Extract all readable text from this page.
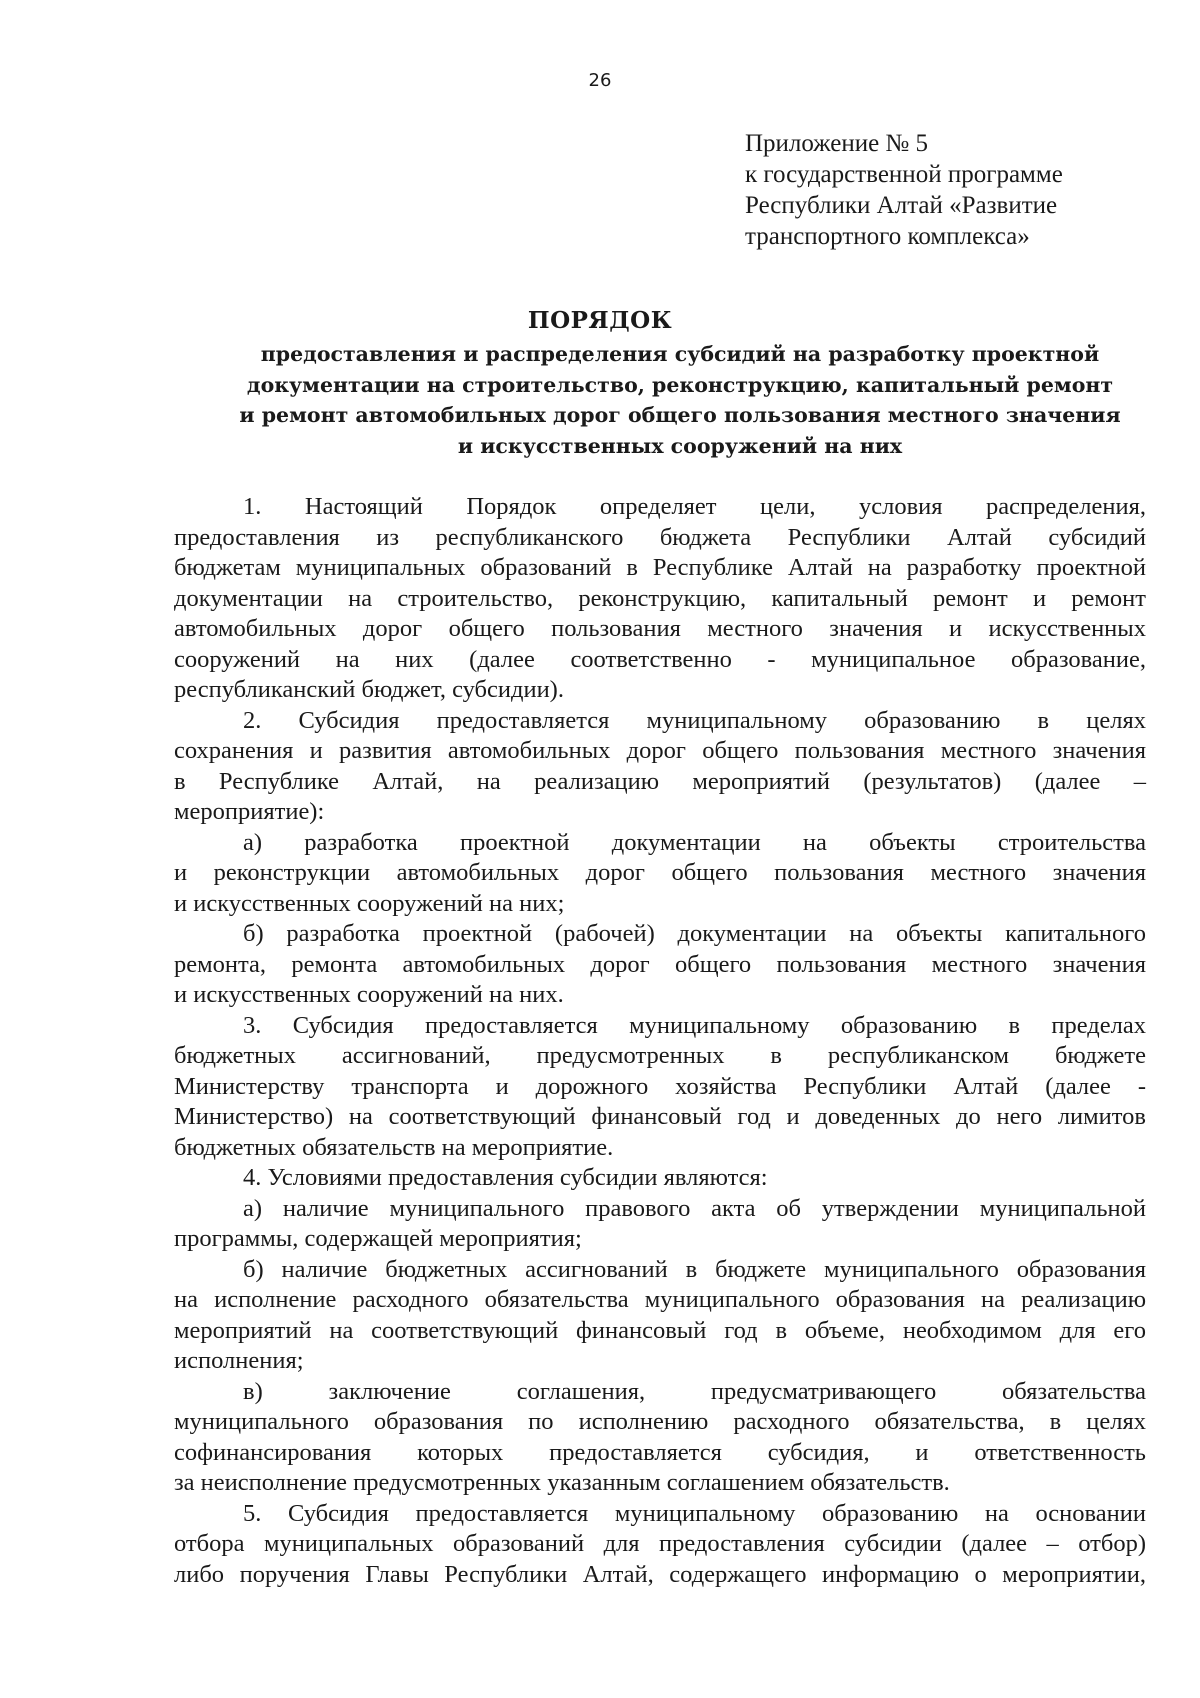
26
Приложение № 5
к государственной программе
Республики Алтай «Развитие
транспортного комплекса»
ПОРЯДОК
предоставления и распределения субсидий на разработку проектной
документации на строительство, реконструкцию, капитальный ремонт
и ремонт автомобильных дорог общего пользования местного значения
и искусственных сооружений на них
1. Настоящий Порядок определяет цели, условия распределения,
предоставления из республиканского бюджета Республики Алтай субсидий
бюджетам муниципальных образований в Республике Алтай на разработку проектной
документации на строительство, реконструкцию, капитальный ремонт и ремонт
автомобильных дорог общего пользования местного значения и искусственных
сооружений на них (далее соответственно - муниципальное образование,
республиканский бюджет, субсидии).
2. Субсидия предоставляется муниципальному образованию в целях
сохранения и развития автомобильных дорог общего пользования местного значения
в Республике Алтай, на реализацию мероприятий (результатов) (далее –
мероприятие):
а) разработка проектной документации на объекты строительства
и реконструкции автомобильных дорог общего пользования местного значения
и искусственных сооружений на них;
б) разработка проектной (рабочей) документации на объекты капитального
ремонта, ремонта автомобильных дорог общего пользования местного значения
и искусственных сооружений на них.
3. Субсидия предоставляется муниципальному образованию в пределах
бюджетных ассигнований, предусмотренных в республиканском бюджете
Министерству транспорта и дорожного хозяйства Республики Алтай (далее -
Министерство) на соответствующий финансовый год и доведенных до него лимитов
бюджетных обязательств на мероприятие.
4. Условиями предоставления субсидии являются:
а) наличие муниципального правового акта об утверждении муниципальной
программы, содержащей мероприятия;
б) наличие бюджетных ассигнований в бюджете муниципального образования
на исполнение расходного обязательства муниципального образования на реализацию
мероприятий на соответствующий финансовый год в объеме, необходимом для его
исполнения;
в) заключение соглашения, предусматривающего обязательства
муниципального образования по исполнению расходного обязательства, в целях
софинансирования которых предоставляется субсидия, и ответственность
за неисполнение предусмотренных указанным соглашением обязательств.
5. Субсидия предоставляется муниципальному образованию на основании
отбора муниципальных образований для предоставления субсидии (далее – отбор)
либо поручения Главы Республики Алтай, содержащего информацию о мероприятии,
